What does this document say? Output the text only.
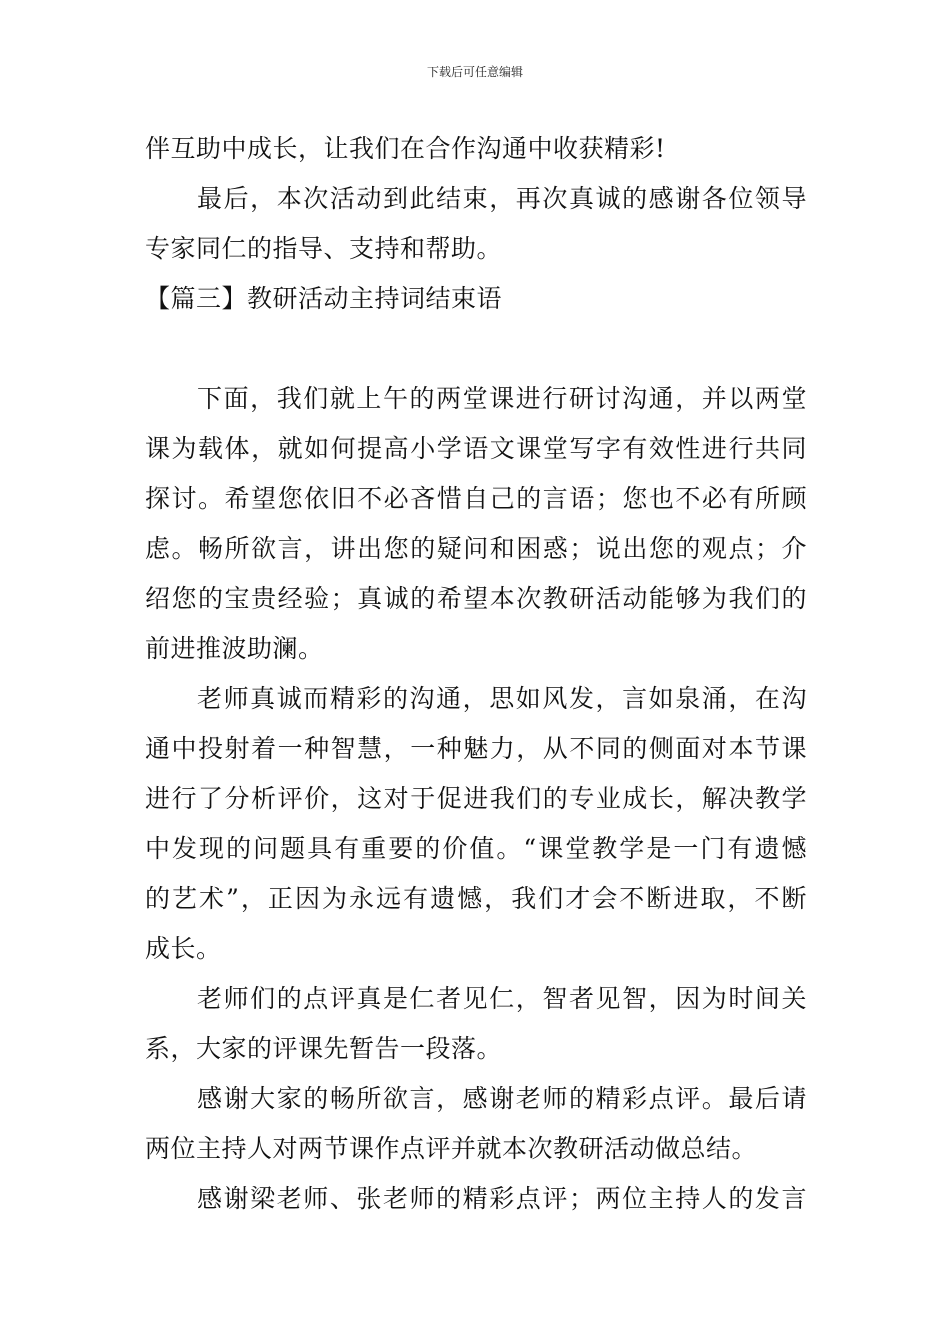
下载后可任意编辑
伴互助中成长，让我们在合作沟通中收获精彩!
最后，本次活动到此结束，再次真诚的感谢各位领导
专家同仁的指导、支持和帮助。
【篇三】教研活动主持词结束语
下面，我们就上午的两堂课进行研讨沟通，并以两堂
课为载体，就如何提高小学语文课堂写字有效性进行共同
探讨。希望您依旧不必吝惜自己的言语；您也不必有所顾
虑。畅所欲言，讲出您的疑问和困惑；说出您的观点；介
绍您的宝贵经验；真诚的希望本次教研活动能够为我们的
前进推波助澜。
老师真诚而精彩的沟通，思如风发，言如泉涌，在沟
通中投射着一种智慧，一种魅力，从不同的侧面对本节课
进行了分析评价，这对于促进我们的专业成长，解决教学
中发现的问题具有重要的价值。“课堂教学是一门有遗憾
的艺术”，正因为永远有遗憾，我们才会不断进取，不断
成长。
老师们的点评真是仁者见仁，智者见智，因为时间关
系，大家的评课先暂告一段落。
感谢大家的畅所欲言，感谢老师的精彩点评。最后请
两位主持人对两节课作点评并就本次教研活动做总结。
感谢梁老师、张老师的精彩点评；两位主持人的发言
